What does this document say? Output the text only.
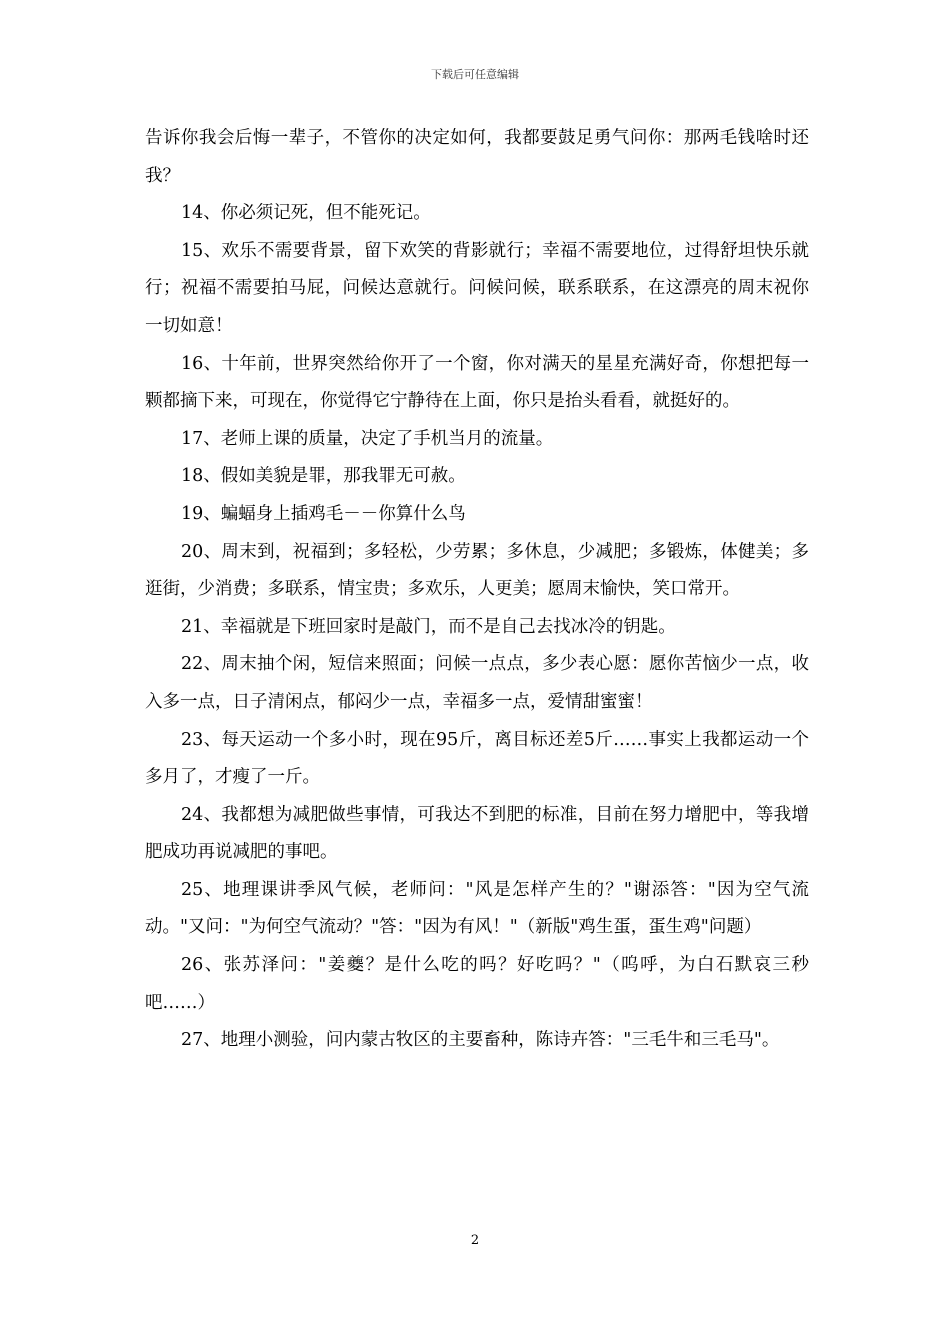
下载后可任意编辑

告诉你我会后悔一辈子，不管你的决定如何，我都要鼓足勇气问你：那两毛钱啥时还我？

14、你必须记死，但不能死记。

15、欢乐不需要背景，留下欢笑的背影就行；幸福不需要地位，过得舒坦快乐就行；祝福不需要拍马屁，问候达意就行。问候问候，联系联系，在这漂亮的周末祝你一切如意！

16、十年前，世界突然给你开了一个窗，你对满天的星星充满好奇，你想把每一颗都摘下来，可现在，你觉得它宁静待在上面，你只是抬头看看，就挺好的。

17、老师上课的质量，决定了手机当月的流量。

18、假如美貌是罪，那我罪无可赦。

19、蝙蝠身上插鸡毛－－你算什么鸟

20、周末到，祝福到；多轻松，少劳累；多休息，少减肥；多锻炼，体健美；多逛街，少消费；多联系，情宝贵；多欢乐，人更美；愿周末愉快，笑口常开。

21、幸福就是下班回家时是敲门，而不是自己去找冰冷的钥匙。

22、周末抽个闲，短信来照面；问候一点点，多少表心愿：愿你苦恼少一点，收入多一点，日子清闲点，郁闷少一点，幸福多一点，爱情甜蜜蜜！

23、每天运动一个多小时，现在95斤，离目标还差5斤……事实上我都运动一个多月了，才瘦了一斤。

24、我都想为减肥做些事情，可我达不到肥的标准，目前在努力增肥中，等我增肥成功再说减肥的事吧。

25、地理课讲季风气候，老师问："风是怎样产生的？"谢添答："因为空气流动。"又问："为何空气流动？"答："因为有风！"（新版"鸡生蛋，蛋生鸡"问题）

26、张苏泽问："姜夔？是什么吃的吗？好吃吗？"（呜呼，为白石默哀三秒吧……）

27、地理小测验，问内蒙古牧区的主要畜种，陈诗卉答："三毛牛和三毛马"。

2
